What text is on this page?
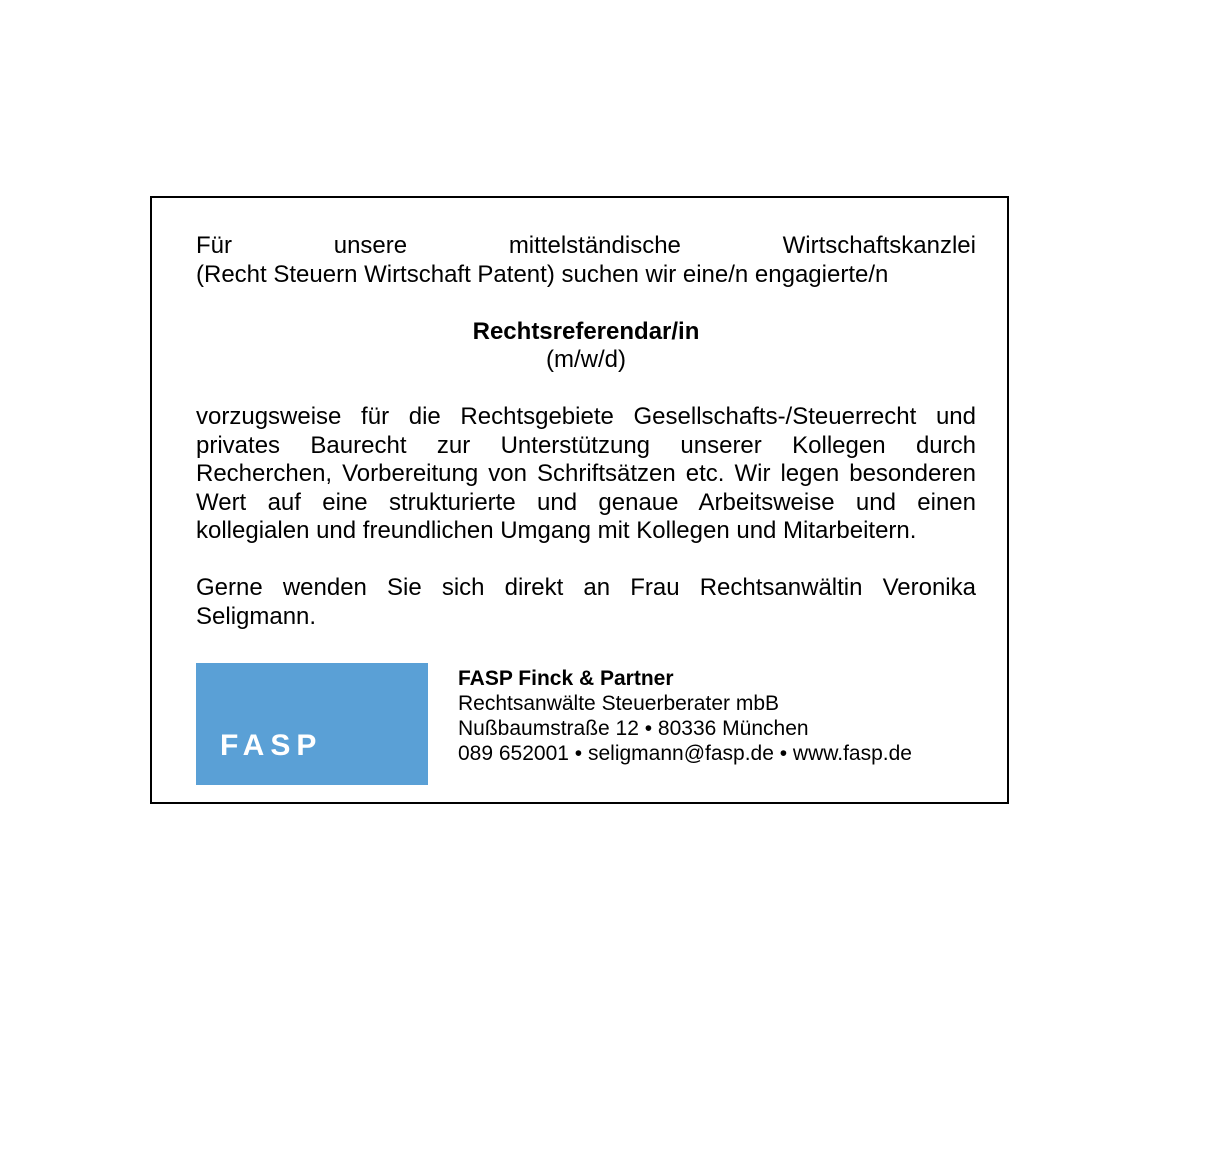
Für unsere mittelständische Wirtschaftskanzlei
(Recht Steuern Wirtschaft Patent) suchen wir eine/n engagierte/n
Rechtsreferendar/in
(m/w/d)
vorzugsweise für die Rechtsgebiete Gesellschafts-/Steuerrecht und
privates Baurecht zur Unterstützung unserer Kollegen durch
Recherchen, Vorbereitung von Schriftsätzen etc. Wir legen besonderen
Wert auf eine strukturierte und genaue Arbeitsweise und einen
kollegialen und freundlichen Umgang mit Kollegen und Mitarbeitern.
Gerne wenden Sie sich direkt an Frau Rechtsanwältin Veronika
Seligmann.
FASP
FASP Finck & Partner
Rechtsanwälte Steuerberater mbB
Nußbaumstraße 12 • 80336 München
089 652001 • seligmann@fasp.de • www.fasp.de
